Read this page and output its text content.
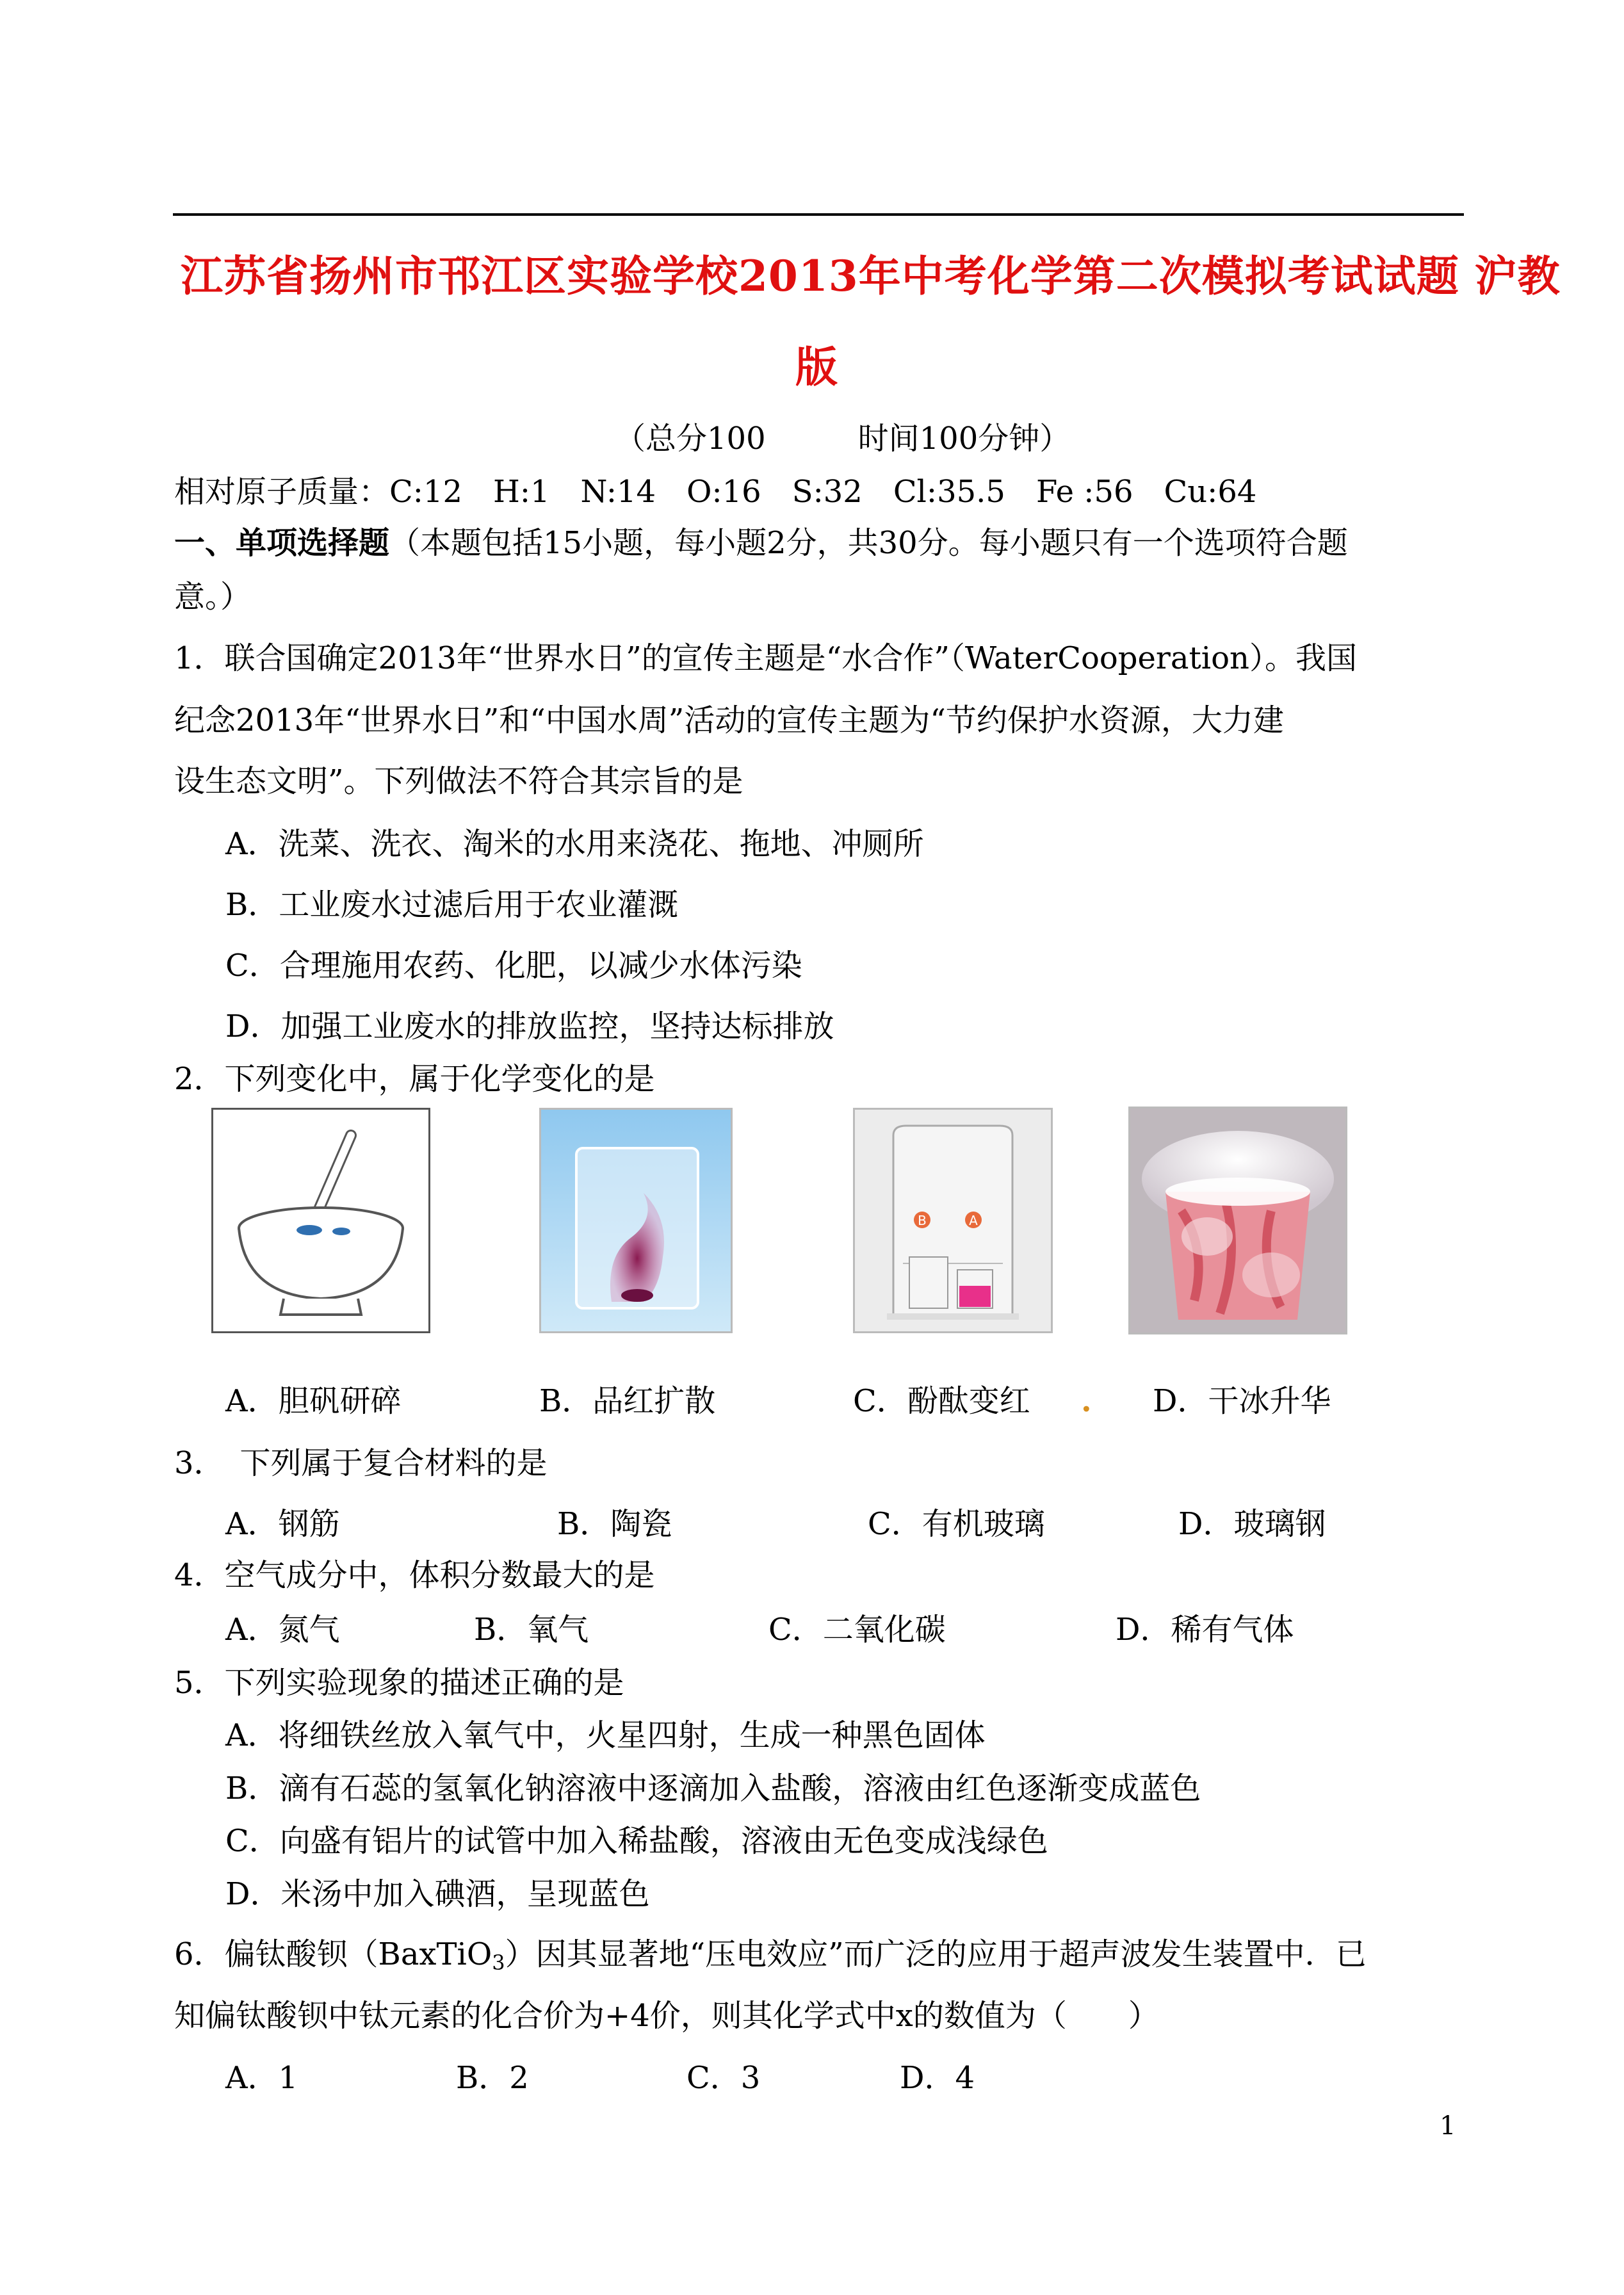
江苏省扬州市邗江区实验学校2013年中考化学第二次模拟考试试题 沪教
版
（总分100　　　时间100分钟）
相对原子质量：C:12　H:1　N:14　O:16　S:32　Cl:35.5　Fe :56　Cu:64
一、单项选择题（本题包括15小题，每小题2分，共30分。每小题只有一个选项符合题
意。）
1．联合国确定2013年“世界水日”的宣传主题是“水合作”（WaterCooperation）。我国
纪念2013年“世界水日”和“中国水周”活动的宣传主题为“节约保护水资源，大力建
设生态文明”。下列做法不符合其宗旨的是
A．洗菜、洗衣、淘米的水用来浇花、拖地、冲厕所
B．工业废水过滤后用于农业灌溉
C．合理施用农药、化肥，以减少水体污染
D．加强工业废水的排放监控，坚持达标排放
2．下列变化中，属于化学变化的是
B	A
A．胆矾研碎	B．品红扩散	C．酚酞变红 . D．干冰升华
3．　下列属于复合材料的是
A．钢筋	B．陶瓷	C．有机玻璃	D．玻璃钢
4．空气成分中，体积分数最大的是
A．氮气	B．氧气	C．二氧化碳	D．稀有气体
5．下列实验现象的描述正确的是
A．将细铁丝放入氧气中，火星四射，生成一种黑色固体
B．滴有石蕊的氢氧化钠溶液中逐滴加入盐酸，溶液由红色逐渐变成蓝色
C．向盛有铝片的试管中加入稀盐酸，溶液由无色变成浅绿色
D．米汤中加入碘酒，呈现蓝色
6．偏钛酸钡（BaxTiO$_3$）因其显著地“压电效应”而广泛的应用于超声波发生装置中．已
知偏钛酸钡中钛元素的化合价为+4价，则其化学式中x的数值为（　　）
A．1	B．2	C．3	D．4
1
